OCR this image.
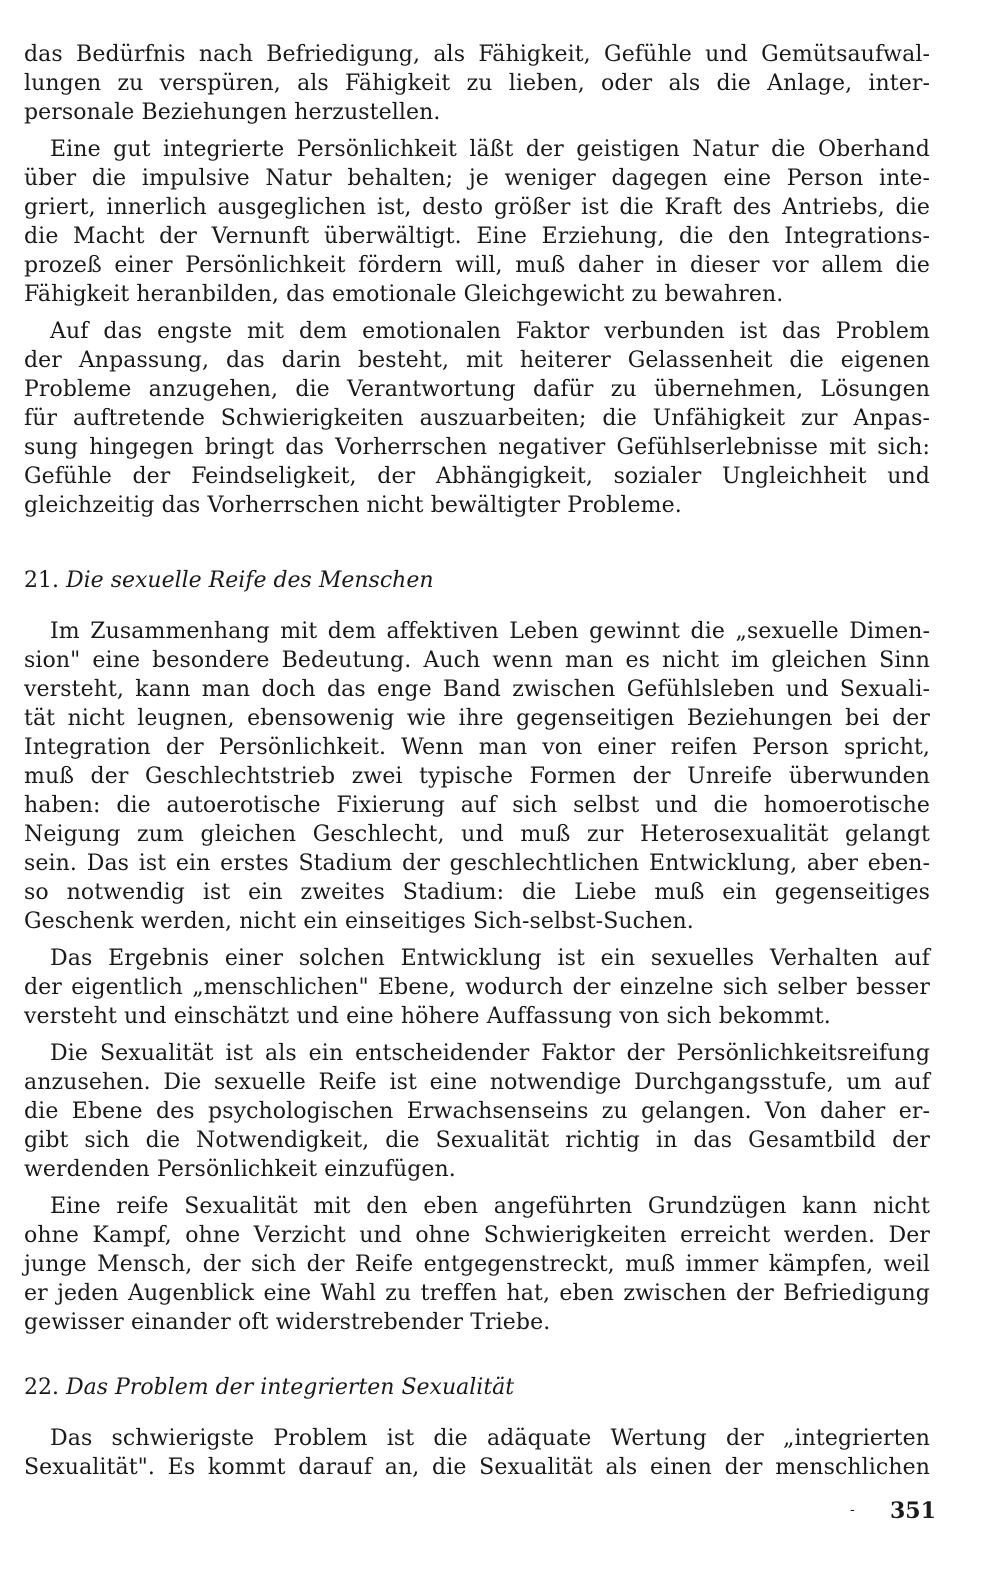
das Bedürfnis nach Befriedigung, als Fähigkeit, Gefühle und Gemütsaufwal-
lungen zu verspüren, als Fähigkeit zu lieben, oder als die Anlage, inter-
personale Beziehungen herzustellen.
Eine gut integrierte Persönlichkeit läßt der geistigen Natur die Oberhand
über die impulsive Natur behalten; je weniger dagegen eine Person inte-
griert, innerlich ausgeglichen ist, desto größer ist die Kraft des Antriebs, die
die Macht der Vernunft überwältigt. Eine Erziehung, die den Integrations-
prozeß einer Persönlichkeit fördern will, muß daher in dieser vor allem die
Fähigkeit heranbilden, das emotionale Gleichgewicht zu bewahren.
Auf das engste mit dem emotionalen Faktor verbunden ist das Problem
der Anpassung, das darin besteht, mit heiterer Gelassenheit die eigenen
Probleme anzugehen, die Verantwortung dafür zu übernehmen, Lösungen
für auftretende Schwierigkeiten auszuarbeiten; die Unfähigkeit zur Anpas-
sung hingegen bringt das Vorherrschen negativer Gefühlserlebnisse mit sich:
Gefühle der Feindseligkeit, der Abhängigkeit, sozialer Ungleichheit und
gleichzeitig das Vorherrschen nicht bewältigter Probleme.
21. Die sexuelle Reife des Menschen
Im Zusammenhang mit dem affektiven Leben gewinnt die „sexuelle Dimen-
sion" eine besondere Bedeutung. Auch wenn man es nicht im gleichen Sinn
versteht, kann man doch das enge Band zwischen Gefühlsleben und Sexuali-
tät nicht leugnen, ebensowenig wie ihre gegenseitigen Beziehungen bei der
Integration der Persönlichkeit. Wenn man von einer reifen Person spricht,
muß der Geschlechtstrieb zwei typische Formen der Unreife überwunden
haben: die autoerotische Fixierung auf sich selbst und die homoerotische
Neigung zum gleichen Geschlecht, und muß zur Heterosexualität gelangt
sein. Das ist ein erstes Stadium der geschlechtlichen Entwicklung, aber eben-
so notwendig ist ein zweites Stadium: die Liebe muß ein gegenseitiges
Geschenk werden, nicht ein einseitiges Sich-selbst-Suchen.
Das Ergebnis einer solchen Entwicklung ist ein sexuelles Verhalten auf
der eigentlich „menschlichen" Ebene, wodurch der einzelne sich selber besser
versteht und einschätzt und eine höhere Auffassung von sich bekommt.
Die Sexualität ist als ein entscheidender Faktor der Persönlichkeitsreifung
anzusehen. Die sexuelle Reife ist eine notwendige Durchgangsstufe, um auf
die Ebene des psychologischen Erwachsenseins zu gelangen. Von daher er-
gibt sich die Notwendigkeit, die Sexualität richtig in das Gesamtbild der
werdenden Persönlichkeit einzufügen.
Eine reife Sexualität mit den eben angeführten Grundzügen kann nicht
ohne Kampf, ohne Verzicht und ohne Schwierigkeiten erreicht werden. Der
junge Mensch, der sich der Reife entgegenstreckt, muß immer kämpfen, weil
er jeden Augenblick eine Wahl zu treffen hat, eben zwischen der Befriedigung
gewisser einander oft widerstrebender Triebe.
22. Das Problem der integrierten Sexualität
Das schwierigste Problem ist die adäquate Wertung der „integrierten
Sexualität". Es kommt darauf an, die Sexualität als einen der menschlichen
- 351
